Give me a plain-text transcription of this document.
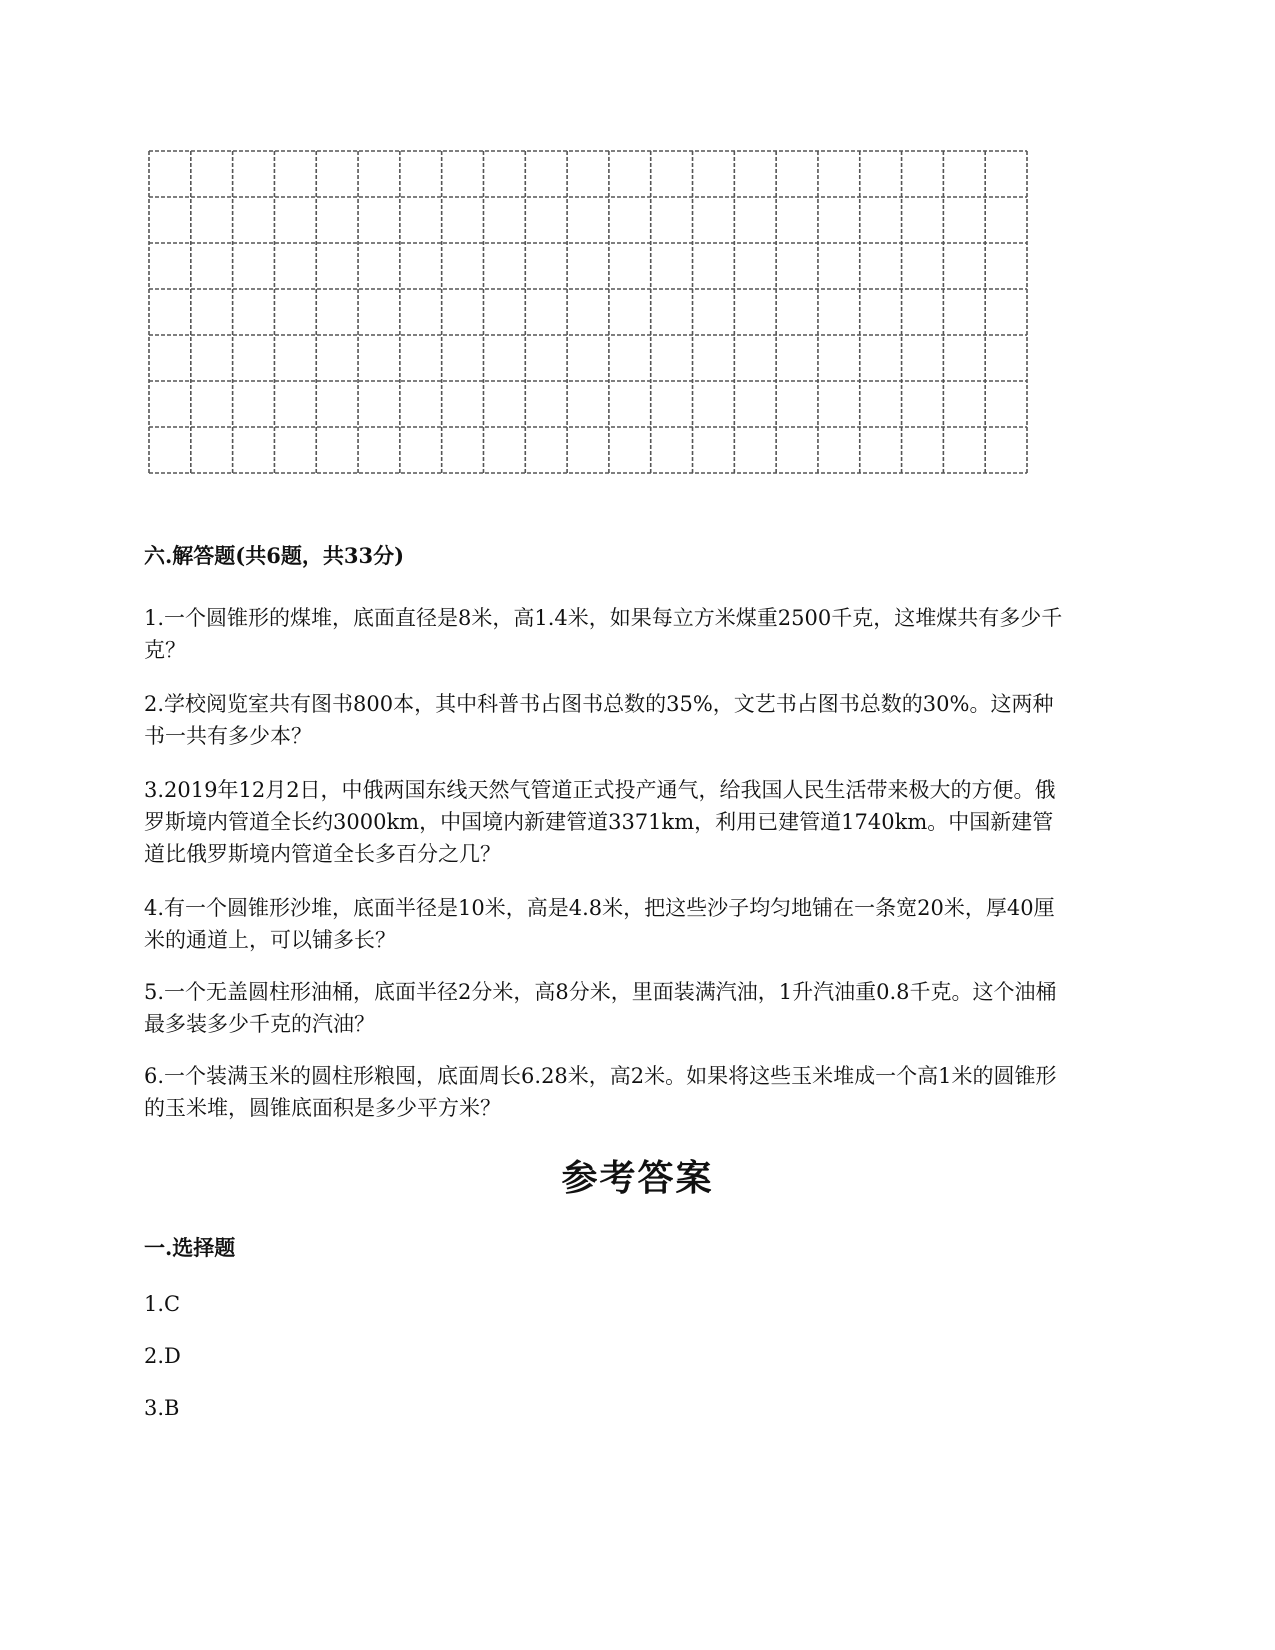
六.解答题(共6题，共33分)

1.一个圆锥形的煤堆，底面直径是8米，高1.4米，如果每立方米煤重2500千克，这堆煤共有多少千克？

2.学校阅览室共有图书800本，其中科普书占图书总数的35%，文艺书占图书总数的30%。这两种书一共有多少本？

3.2019年12月2日，中俄两国东线天然气管道正式投产通气，给我国人民生活带来极大的方便。俄罗斯境内管道全长约3000km，中国境内新建管道3371km，利用已建管道1740km。中国新建管道比俄罗斯境内管道全长多百分之几？

4.有一个圆锥形沙堆，底面半径是10米，高是4.8米，把这些沙子均匀地铺在一条宽20米，厚40厘米的通道上，可以铺多长？

5.一个无盖圆柱形油桶，底面半径2分米，高8分米，里面装满汽油，1升汽油重0.8千克。这个油桶最多装多少千克的汽油？

6.一个装满玉米的圆柱形粮囤，底面周长6.28米，高2米。如果将这些玉米堆成一个高1米的圆锥形的玉米堆，圆锥底面积是多少平方米？

参考答案
一.选择题

1.C

2.D

3.B
